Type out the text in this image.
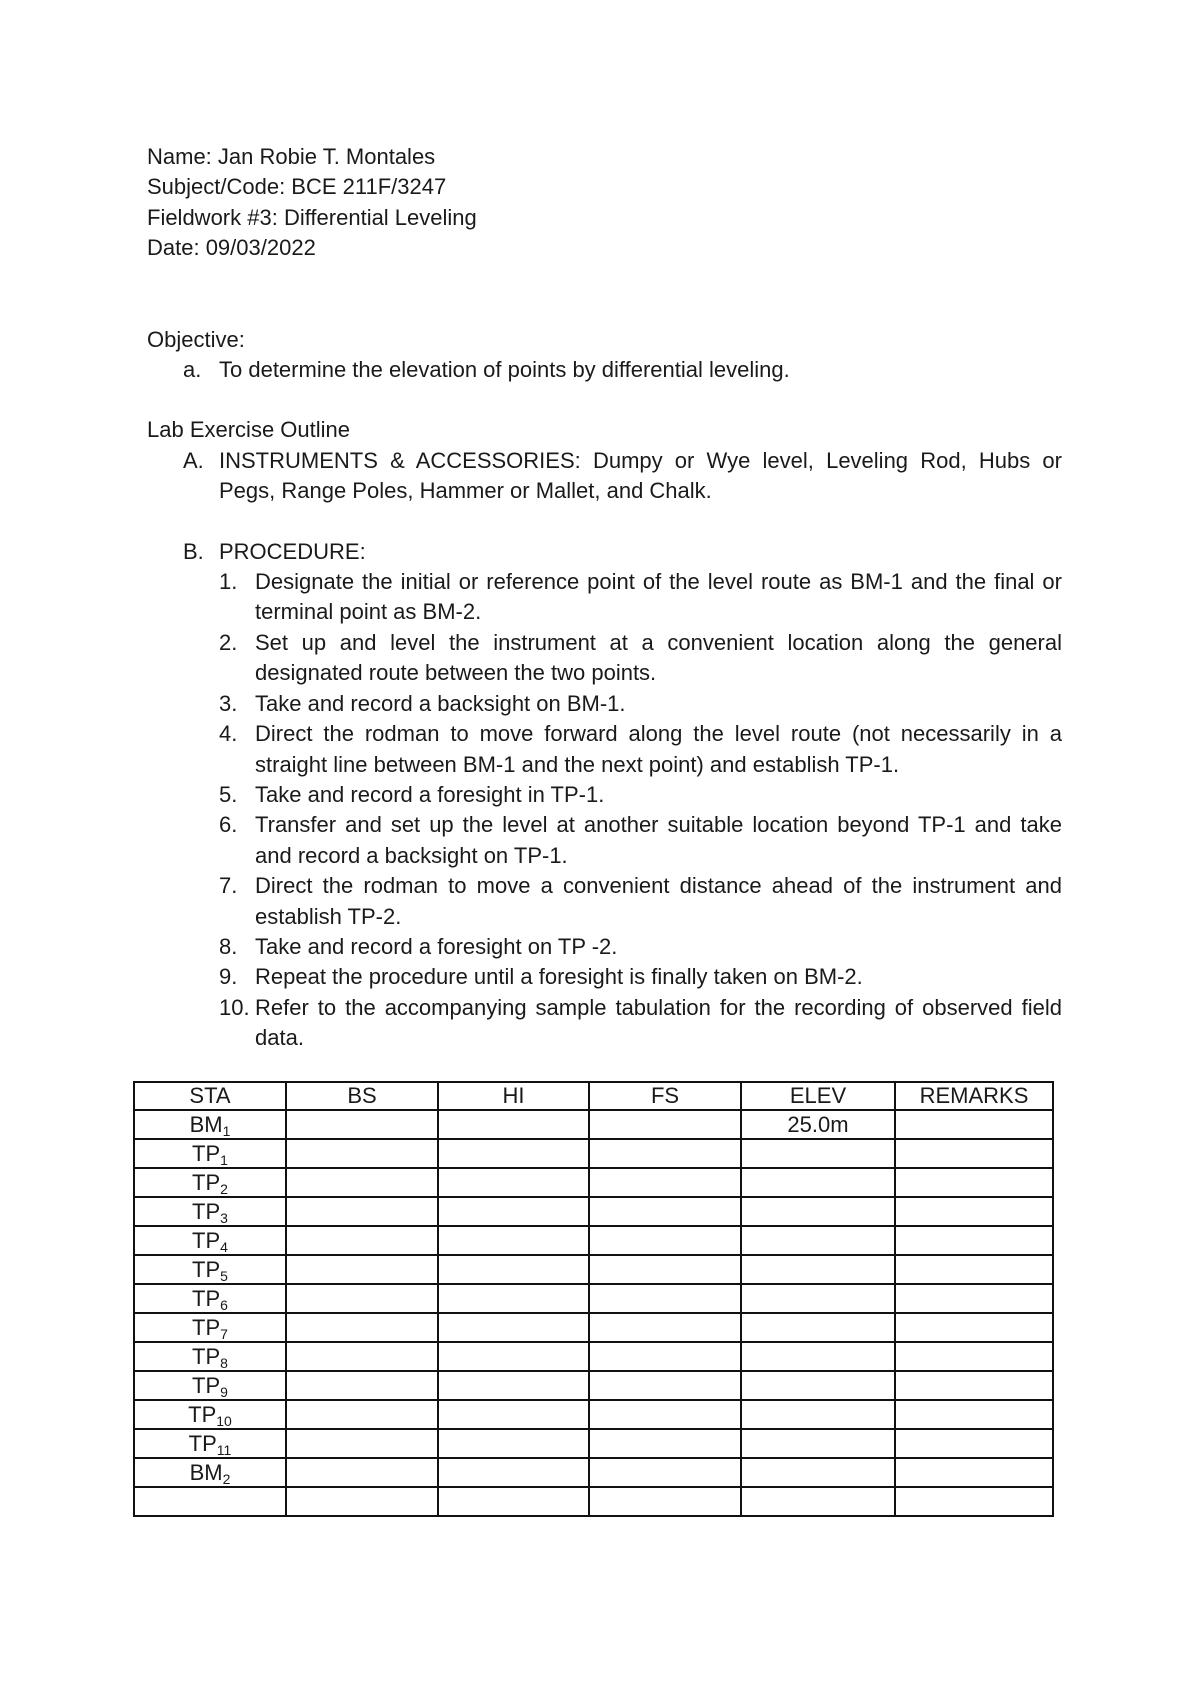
Name: Jan Robie T. Montales
Subject/Code: BCE 211F/3247
Fieldwork #3: Differential Leveling
Date: 09/03/2022
Objective:
a. To determine the elevation of points by differential leveling.
Lab Exercise Outline
A. INSTRUMENTS & ACCESSORIES: Dumpy or Wye level, Leveling Rod, Hubs or Pegs, Range Poles, Hammer or Mallet, and Chalk.
B. PROCEDURE:
1. Designate the initial or reference point of the level route as BM-1 and the final or terminal point as BM-2.
2. Set up and level the instrument at a convenient location along the general designated route between the two points.
3. Take and record a backsight on BM-1.
4. Direct the rodman to move forward along the level route (not necessarily in a straight line between BM-1 and the next point) and establish TP-1.
5. Take and record a foresight in TP-1.
6. Transfer and set up the level at another suitable location beyond TP-1 and take and record a backsight on TP-1.
7. Direct the rodman to move a convenient distance ahead of the instrument and establish TP-2.
8. Take and record a foresight on TP -2.
9. Repeat the procedure until a foresight is finally taken on BM-2.
10. Refer to the accompanying sample tabulation for the recording of observed field data.
STA	BS	HI	FS	ELEV	REMARKS
$BM_1$				25.0m	
$TP_1$					
$TP_2$					
$TP_3$					
$TP_4$					
$TP_5$					
$TP_6$					
$TP_7$					
$TP_8$					
$TP_9$					
$TP_{10}$					
$TP_{11}$					
$BM_2$					
